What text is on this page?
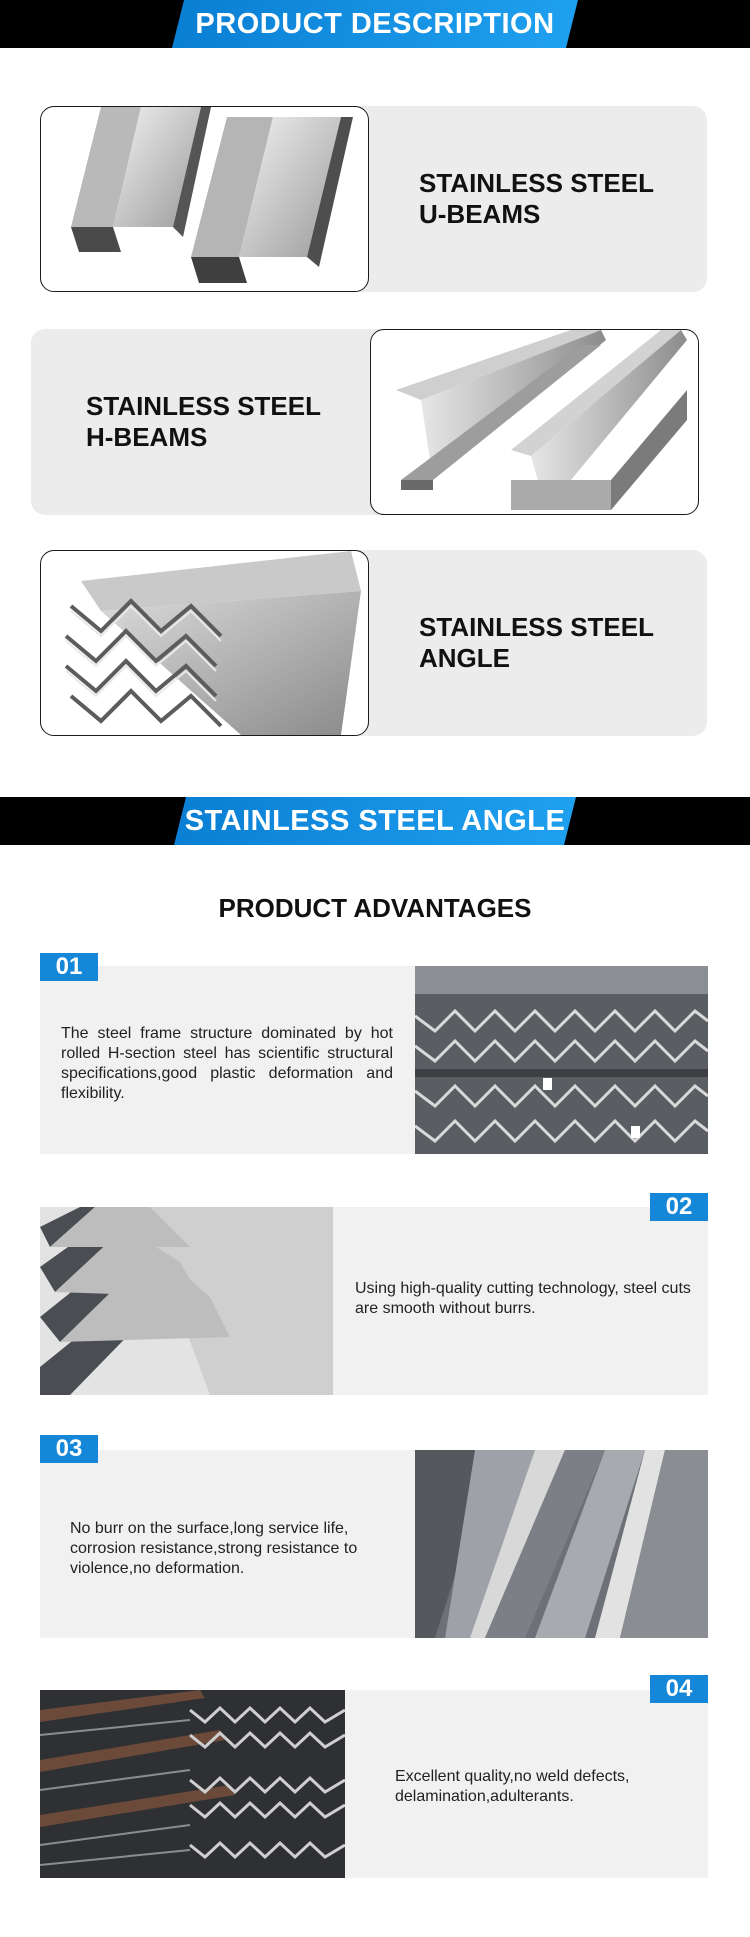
PRODUCT DESCRIPTION
STAINLESS STEEL
U-BEAMS
STAINLESS STEEL
H-BEAMS
STAINLESS STEEL
ANGLE
STAINLESS STEEL ANGLE
PRODUCT ADVANTAGES
01
The steel frame structure dominated by hot rolled H-section steel has scientific structural specifications,good plastic deformation and flexibility.
02
Using high-quality cutting technology, steel cuts are smooth without burrs.
03
No burr on the surface,long service life, corrosion resistance,strong resistance to violence,no deformation.
04
Excellent quality,no weld defects, delamination,adulterants.
